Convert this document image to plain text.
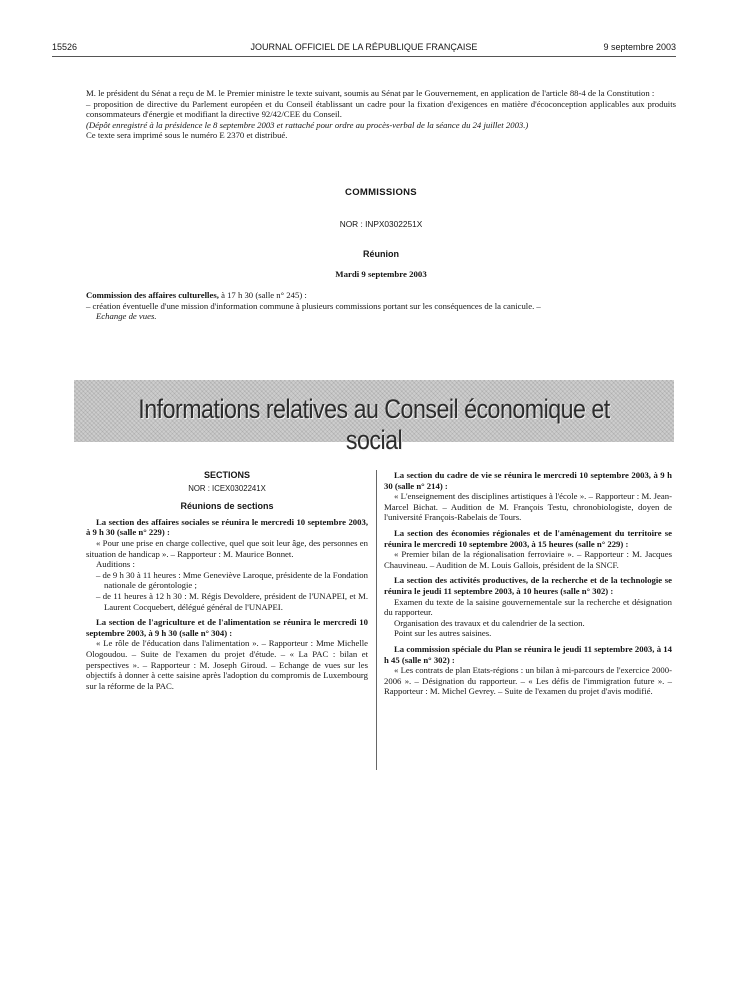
15526	JOURNAL OFFICIEL DE LA RÉPUBLIQUE FRANÇAISE	9 septembre 2003

M. le président du Sénat a reçu de M. le Premier ministre le texte suivant, soumis au Sénat par le Gouvernement, en application de l'article 88-4 de la Constitution :

– proposition de directive du Parlement européen et du Conseil établissant un cadre pour la fixation d'exigences en matière d'écoconception applicables aux produits consommateurs d'énergie et modifiant la directive 92/42/CEE du Conseil.

(Dépôt enregistré à la présidence le 8 septembre 2003 et rattaché pour ordre au procès-verbal de la séance du 24 juillet 2003.)

Ce texte sera imprimé sous le numéro E 2370 et distribué.

COMMISSIONS
NOR : INPX0302251X
Réunion
Mardi 9 septembre 2003

Commission des affaires culturelles, à 17 h 30 (salle n° 245) :

– création éventuelle d'une mission d'information commune à plusieurs commissions portant sur les conséquences de la canicule. –

Echange de vues.

Informations relatives au Conseil économique et social

SECTIONS

NOR : ICEX0302241X

Réunions de sections

La section des affaires sociales se réunira le mercredi 10 septembre 2003, à 9 h 30 (salle n° 229) :

« Pour une prise en charge collective, quel que soit leur âge, des personnes en situation de handicap ». – Rapporteur : M. Maurice Bonnet.

Auditions :

– de 9 h 30 à 11 heures : Mme Geneviève Laroque, présidente de la Fondation nationale de gérontologie ;

– de 11 heures à 12 h 30 : M. Régis Devoldere, président de l'UNAPEI, et M. Laurent Cocquebert, délégué général de l'UNAPEI.

La section de l'agriculture et de l'alimentation se réunira le mercredi 10 septembre 2003, à 9 h 30 (salle n° 304) :

« Le rôle de l'éducation dans l'alimentation ». – Rapporteur : Mme Michelle Ologoudou. – Suite de l'examen du projet d'étude. – « La PAC : bilan et perspectives ». – Rapporteur : M. Joseph Giroud. – Echange de vues sur les objectifs à donner à cette saisine après l'adoption du compromis de Luxembourg sur la réforme de la PAC.

La section du cadre de vie se réunira le mercredi 10 septembre 2003, à 9 h 30 (salle n° 214) :

« L'enseignement des disciplines artistiques à l'école ». – Rapporteur : M. Jean-Marcel Bichat. – Audition de M. François Testu, chronobiologiste, doyen de l'université François-Rabelais de Tours.

La section des économies régionales et de l'aménagement du territoire se réunira le mercredi 10 septembre 2003, à 15 heures (salle n° 229) :

« Premier bilan de la régionalisation ferroviaire ». – Rapporteur : M. Jacques Chauvineau. – Audition de M. Louis Gallois, président de la SNCF.

La section des activités productives, de la recherche et de la technologie se réunira le jeudi 11 septembre 2003, à 10 heures (salle n° 302) :

Examen du texte de la saisine gouvernementale sur la recherche et désignation du rapporteur.

Organisation des travaux et du calendrier de la section.

Point sur les autres saisines.

La commission spéciale du Plan se réunira le jeudi 11 septembre 2003, à 14 h 45 (salle n° 302) :

« Les contrats de plan Etats-régions : un bilan à mi-parcours de l'exercice 2000-2006 ». – Désignation du rapporteur. – « Les défis de l'immigration future ». – Rapporteur : M. Michel Gevrey. – Suite de l'examen du projet d'avis modifié.
